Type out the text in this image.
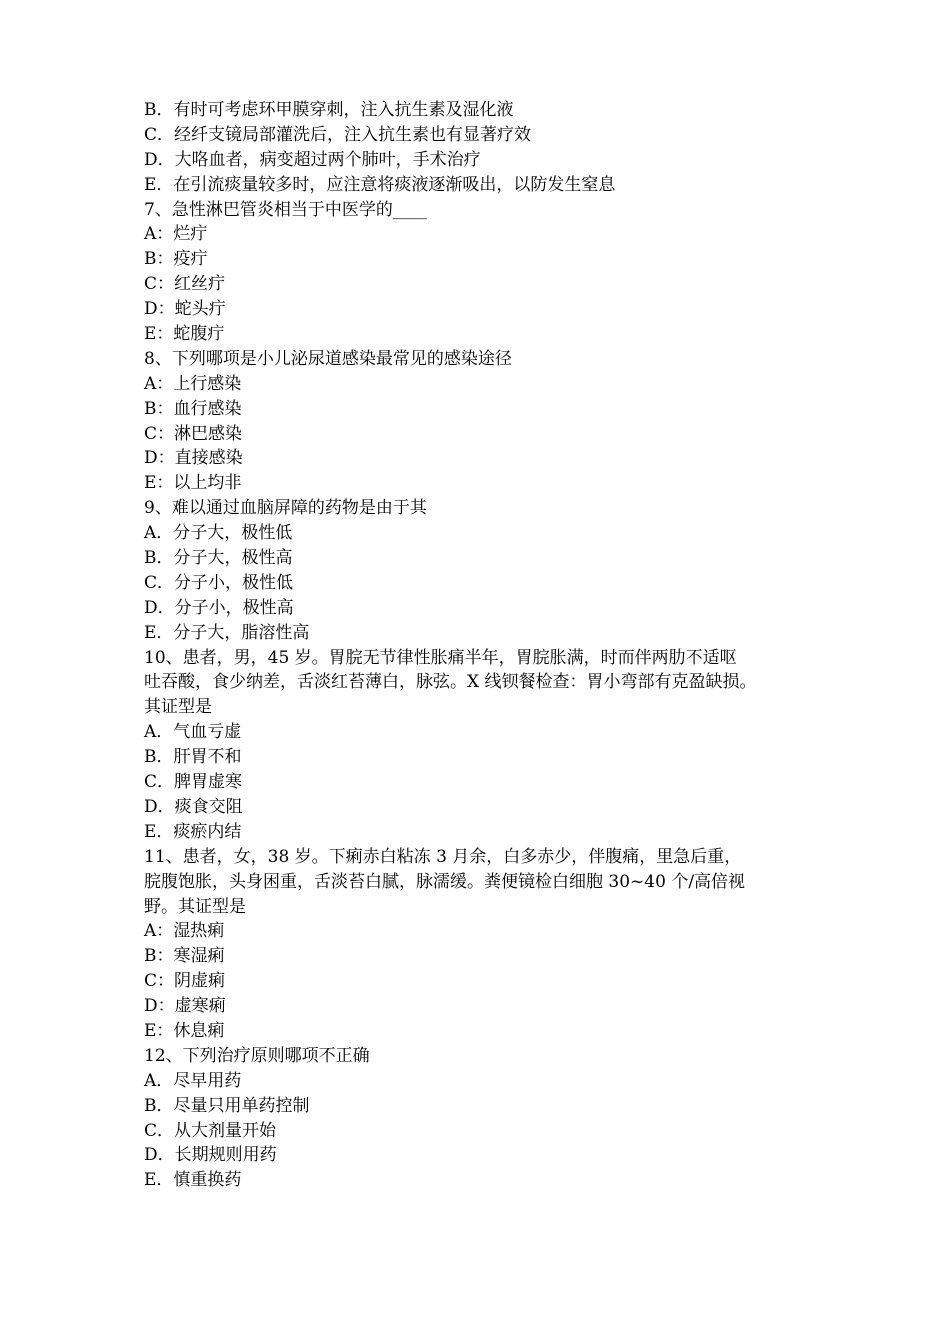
B．有时可考虑环甲膜穿刺，注入抗生素及湿化液
C．经纤支镜局部灌洗后，注入抗生素也有显著疗效
D．大咯血者，病变超过两个肺叶，手术治疗
E．在引流痰量较多时，应注意将痰液逐渐吸出，以防发生窒息
7、急性淋巴管炎相当于中医学的____
A：烂疔
B：疫疔
C：红丝疔
D：蛇头疔
E：蛇腹疔
8、下列哪项是小儿泌尿道感染最常见的感染途径
A：上行感染
B：血行感染
C：淋巴感染
D：直接感染
E：以上均非
9、难以通过血脑屏障的药物是由于其
A．分子大，极性低
B．分子大，极性高
C．分子小，极性低
D．分子小，极性高
E．分子大，脂溶性高
10、患者，男，45 岁。胃脘无节律性胀痛半年，胃脘胀满，时而伴两肋不适呕
吐吞酸，食少纳差，舌淡红苔薄白，脉弦。X 线钡餐检查：胃小弯部有克盈缺损。
其证型是
A．气血亏虚
B．肝胃不和
C．脾胃虚寒
D．痰食交阻
E．痰瘀内结
11、患者，女，38 岁。下痢赤白粘冻 3 月余，白多赤少，伴腹痛，里急后重，
脘腹饱胀，头身困重，舌淡苔白腻，脉濡缓。粪便镜检白细胞 30~40 个/高倍视
野。其证型是
A：湿热痢
B：寒湿痢
C：阴虚痢
D：虚寒痢
E：休息痢
12、下列治疗原则哪项不正确
A．尽早用药
B．尽量只用单药控制
C．从大剂量开始
D．长期规则用药
E．慎重换药
